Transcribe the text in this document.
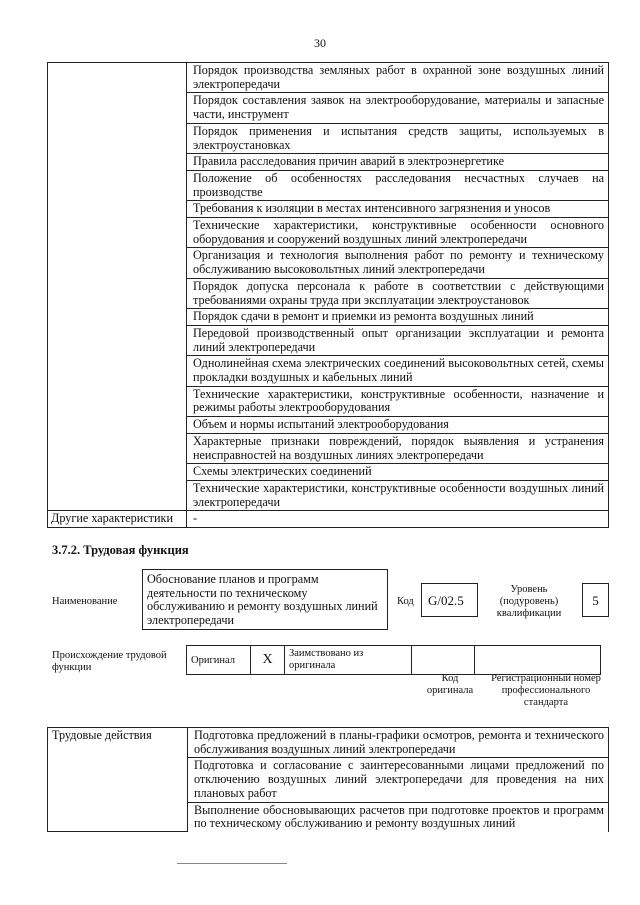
30
	Порядок производства земляных работ в охранной зоне воздушных линий электропередачи
	Порядок составления заявок на электрооборудование, материалы и запасные части, инструмент
	Порядок применения и испытания средств защиты, используемых в электроустановках
	Правила расследования причин аварий в электроэнергетике
	Положение об особенностях расследования несчастных случаев на производстве
	Требования к изоляции в местах интенсивного загрязнения и уносов
	Технические характеристики, конструктивные особенности основного оборудования и сооружений воздушных линий электропередачи
	Организация и технология выполнения работ по ремонту и техническому обслуживанию высоковольтных линий электропередачи
	Порядок допуска персонала к работе в соответствии с действующими требованиями охраны труда при эксплуатации электроустановок
	Порядок сдачи в ремонт и приемки из ремонта воздушных линий
	Передовой производственный опыт организации эксплуатации и ремонта линий электропередачи
	Однолинейная схема электрических соединений высоковольтных сетей, схемы прокладки воздушных и кабельных линий
	Технические характеристики, конструктивные особенности, назначение и режимы работы электрооборудования
	Объем и нормы испытаний электрооборудования
	Характерные признаки повреждений, порядок выявления и устранения неисправностей на воздушных линиях электропередачи
	Схемы электрических соединений
	Технические характеристики, конструктивные особенности воздушных линий электропередачи
Другие характеристики	-
3.7.2. Трудовая функция
Наименование
Обоснование планов и программ деятельности по техническому обслуживанию и ремонту воздушных линий электропередачи
Код	G/02.5
Уровень (подуровень) квалификации
5
Происхождение трудовой функции
Оригинал	X	Заимствовано из оригинала		
Код оригинала
Регистрационный номер профессионального стандарта
Трудовые действия	Подготовка предложений в планы-графики осмотров, ремонта и технического обслуживания воздушных линий электропередачи
Подготовка и согласование с заинтересованными лицами предложений по отключению воздушных линий электропередачи для проведения на них плановых работ
Выполнение обосновывающих расчетов при подготовке проектов и программ по техническому обслуживанию и ремонту воздушных линий
